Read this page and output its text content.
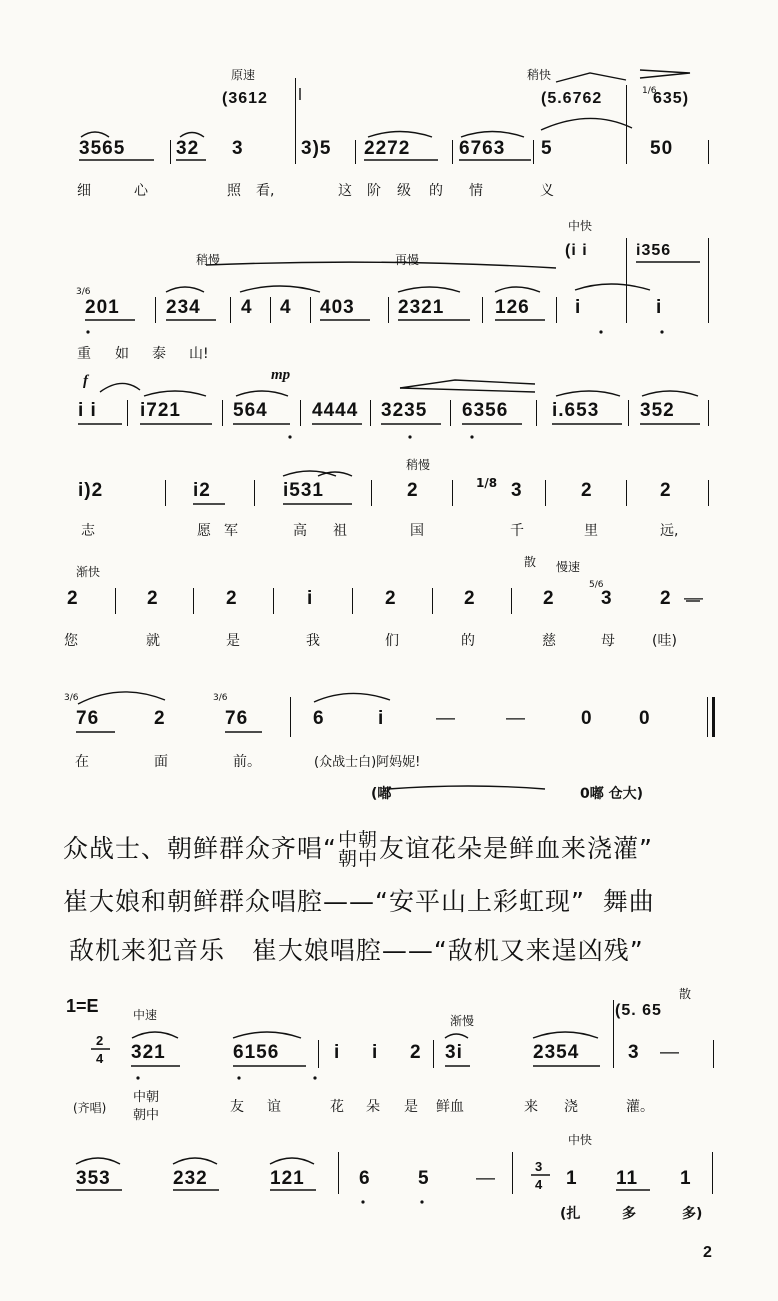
原速	稍快
(3612	(5.6762	1/6
635)
3565	32 3	3)5 2272	6763 5	50
细	心	照 看,	这 阶 级 的 情	义
中快
(i i	i356
稍慢	再慢
3/6
201 234 4 4 403 2321	126 i	i
重 如 泰 山!
f	mp
i i i721	564 4444 3235 6356 i.653 352
稍慢
i)2	i2	i531	2	1/8 3	2	2
志	愿 军	高 祖	国	千	里	远,
渐快
散 慢速
2	2	2	i	2	2	2
5/6
3 2 —
您	就	是	我	们	的	慈	母	(哇)
3/6
76	2
3/6
76	6	i	—	—	0 0
在	面	前。	(众战士白)阿妈妮!
(嘟	0嘟 仓大)
众战士、朝鲜群众齐唱“ 中朝
朝中 友谊花朵是鲜血来浇灌”
崔大娘和朝鲜群众唱腔——“安平山上彩虹现”  舞曲
敌机来犯音乐   崔大娘唱腔——“敌机又来逞凶残”
1=E	中速	渐慢
散
(5. 65
2
4 321	6156	i i 2 3i	2354	3 —
(齐唱)
中朝
朝中
友 谊	花 朵 是 鲜血	来 浇	灌。
中快
353	232	121	6 5 —
3
4 1 11 1
(扎	多	多)
2
